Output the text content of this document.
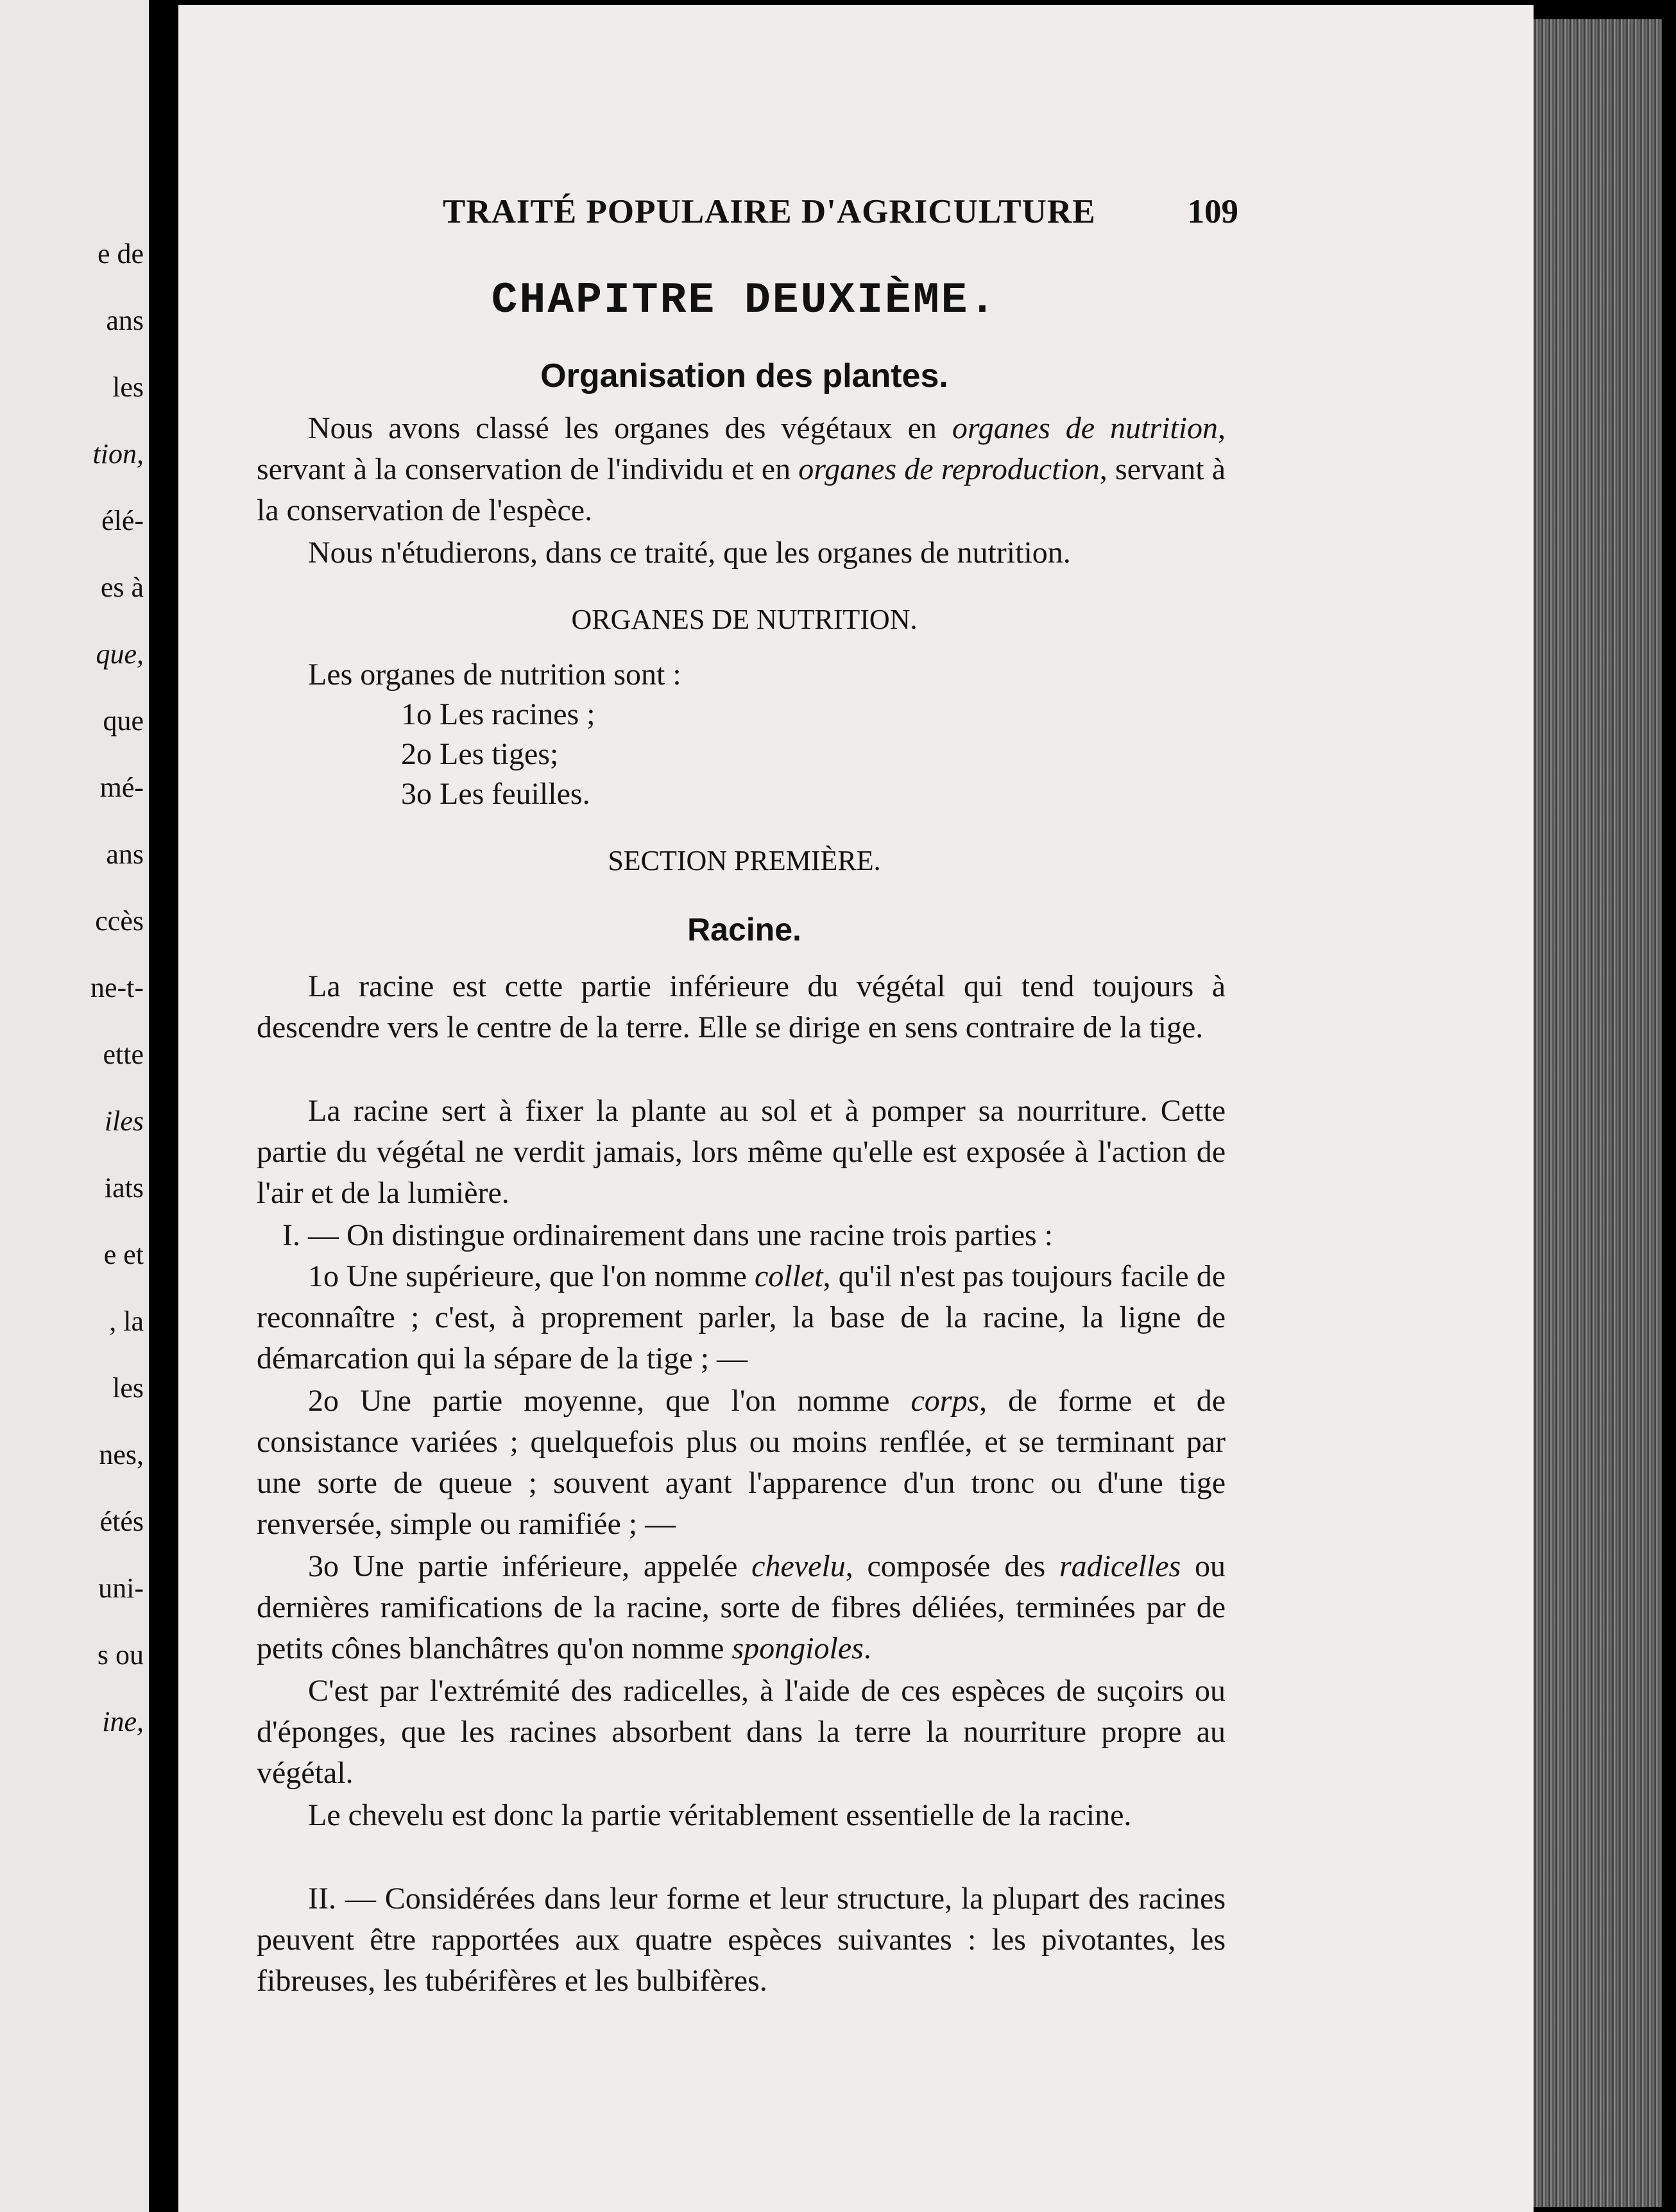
e de
ans
les
tion,
élé-
es à
que,
que
mé-
ans
ccès
ne-t-
ette
iles
iats
e et
, la
les
nes,
étés
uni-
s ou
ine,
TRAITÉ POPULAIRE D'AGRICULTURE	109
CHAPITRE DEUXIÈME.
Organisation des plantes.
Nous avons classé les organes des végétaux en organes de nutrition, servant à la conservation de l'individu et en organes de reproduction, servant à la conservation de l'espèce.
Nous n'étudierons, dans ce traité, que les organes de nutrition.
ORGANES DE NUTRITION.
Les organes de nutrition sont :
1o Les racines ;
2o Les tiges;
3o Les feuilles.
SECTION PREMIÈRE.
Racine.
La racine est cette partie inférieure du végétal qui tend toujours à descendre vers le centre de la terre. Elle se dirige en sens contraire de la tige.
La racine sert à fixer la plante au sol et à pomper sa nourriture. Cette partie du végétal ne verdit jamais, lors même qu'elle est exposée à l'action de l'air et de la lumière.
I. — On distingue ordinairement dans une racine trois parties :
1o Une supérieure, que l'on nomme collet, qu'il n'est pas toujours facile de reconnaître ; c'est, à proprement parler, la base de la racine, la ligne de démarcation qui la sépare de la tige ; —
2o Une partie moyenne, que l'on nomme corps, de forme et de consistance variées ; quelquefois plus ou moins renflée, et se terminant par une sorte de queue ; souvent ayant l'apparence d'un tronc ou d'une tige renversée, simple ou ramifiée ; —
3o Une partie inférieure, appelée chevelu, composée des radicelles ou dernières ramifications de la racine, sorte de fibres déliées, terminées par de petits cônes blanchâtres qu'on nomme spongioles.
C'est par l'extrémité des radicelles, à l'aide de ces espèces de suçoirs ou d'éponges, que les racines absorbent dans la terre la nourriture propre au végétal.
Le chevelu est donc la partie véritablement essentielle de la racine.
II. — Considérées dans leur forme et leur structure, la plupart des racines peuvent être rapportées aux quatre espèces suivantes : les pivotantes, les fibreuses, les tubérifères et les bulbifères.
